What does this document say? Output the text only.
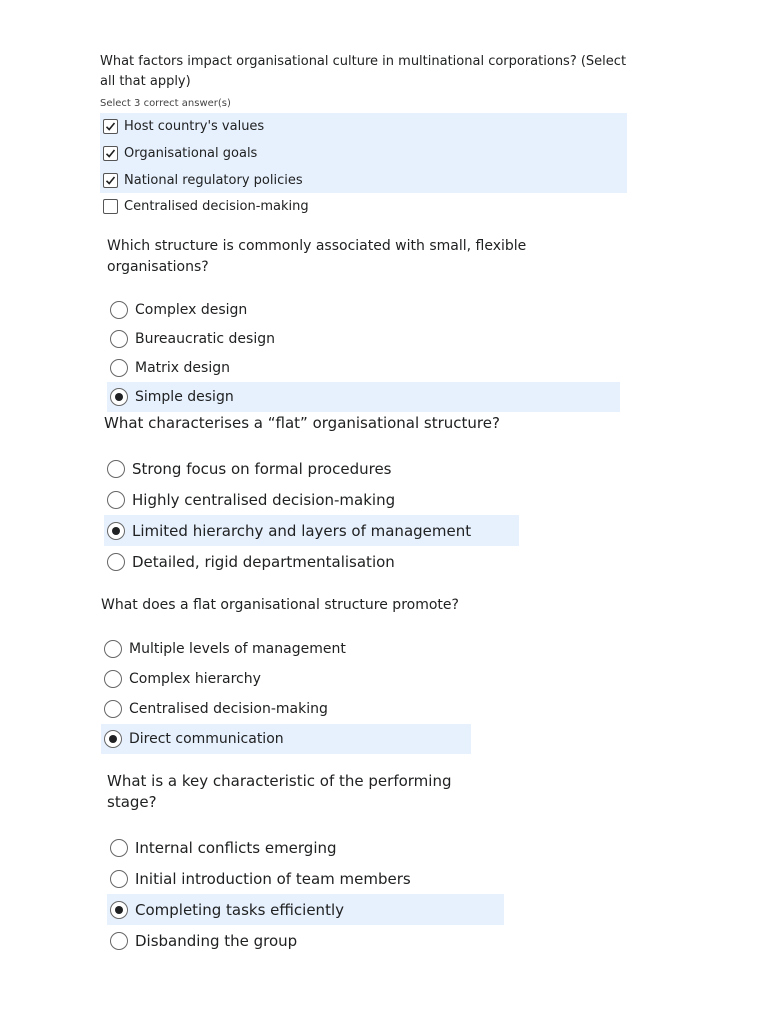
What factors impact organisational culture in multinational corporations? (Select all that apply)

Select 3 correct answer(s)
Host country's values
Organisational goals
National regulatory policies
Centralised decision-making

Which structure is commonly associated with small, flexible organisations?

Complex design
Bureaucratic design
Matrix design
Simple design

What characterises a “flat” organisational structure?

Strong focus on formal procedures
Highly centralised decision-making
Limited hierarchy and layers of management
Detailed, rigid departmentalisation

What does a flat organisational structure promote?

Multiple levels of management
Complex hierarchy
Centralised decision-making
Direct communication

What is a key characteristic of the performing stage?

Internal conflicts emerging
Initial introduction of team members
Completing tasks efficiently
Disbanding the group
